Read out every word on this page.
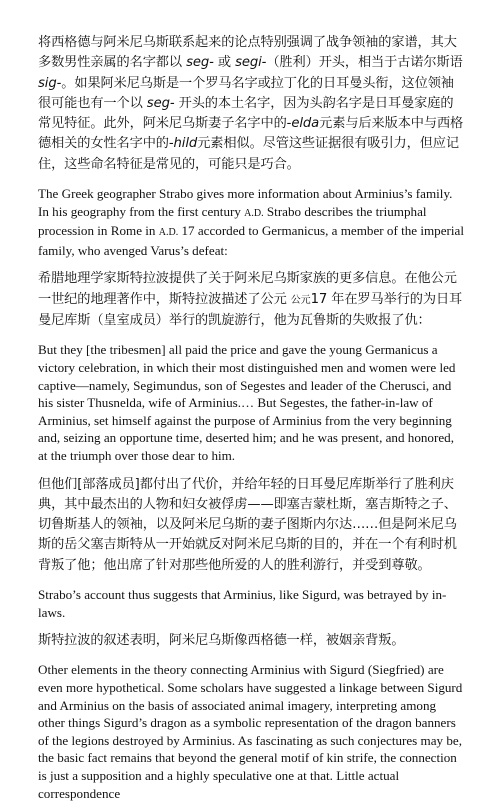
将西格德与阿米尼乌斯联系起来的论点特别强调了战争领袖的家谱，其大多数男性亲属的名字都以 seg- 或 segi-（胜利）开头，相当于古诺尔斯语 sig-。如果阿米尼乌斯是一个罗马名字或拉丁化的日耳曼头衔，这位领袖很可能也有一个以 seg- 开头的本土名字，因为头韵名字是日耳曼家庭的常见特征。此外，阿米尼乌斯妻子名字中的-elda元素与后来版本中与西格德相关的女性名字中的-hild元素相似。尽管这些证据很有吸引力，但应记住，这些命名特征是常见的，可能只是巧合。

The Greek geographer Strabo gives more information about Arminius’s family. In his geography from the first century A.D. Strabo describes the triumphal procession in Rome in A.D. 17 accorded to Germanicus, a member of the imperial family, who avenged Varus’s defeat:

希腊地理学家斯特拉波提供了关于阿米尼乌斯家族的更多信息。在他公元一世纪的地理著作中，斯特拉波描述了公元 公元17 年在罗马举行的为日耳曼尼库斯（皇室成员）举行的凯旋游行，他为瓦鲁斯的失败报了仇：

But they [the tribesmen] all paid the price and gave the young Germanicus a victory celebration, in which their most distinguished men and women were led captive—namely, Segimundus, son of Segestes and leader of the Cherusci, and his sister Thusnelda, wife of Arminius.… But Segestes, the father-in-law of Arminius, set himself against the purpose of Arminius from the very beginning and, seizing an opportune time, deserted him; and he was present, and honored, at the triumph over those dear to him.

但他们[部落成员]都付出了代价，并给年轻的日耳曼尼库斯举行了胜利庆典，其中最杰出的人物和妇女被俘虏——即塞吉蒙杜斯，塞吉斯特之子、切鲁斯基人的领袖，以及阿米尼乌斯的妻子图斯内尔达……但是阿米尼乌斯的岳父塞吉斯特从一开始就反对阿米尼乌斯的目的，并在一个有利时机背叛了他；他出席了针对那些他所爱的人的胜利游行，并受到尊敬。

Strabo’s account thus suggests that Arminius, like Sigurd, was betrayed by in-laws.

斯特拉波的叙述表明，阿米尼乌斯像西格德一样，被姻亲背叛。

Other elements in the theory connecting Arminius with Sigurd (Siegfried) are even more hypothetical. Some scholars have suggested a linkage between Sigurd and Arminius on the basis of associated animal imagery, interpreting among other things Sigurd’s dragon as a symbolic representation of the dragon banners of the legions destroyed by Arminius. As fascinating as such conjectures may be, the basic fact remains that beyond the general motif of kin strife, the connection is just a supposition and a highly speculative one at that. Little actual correspondence
